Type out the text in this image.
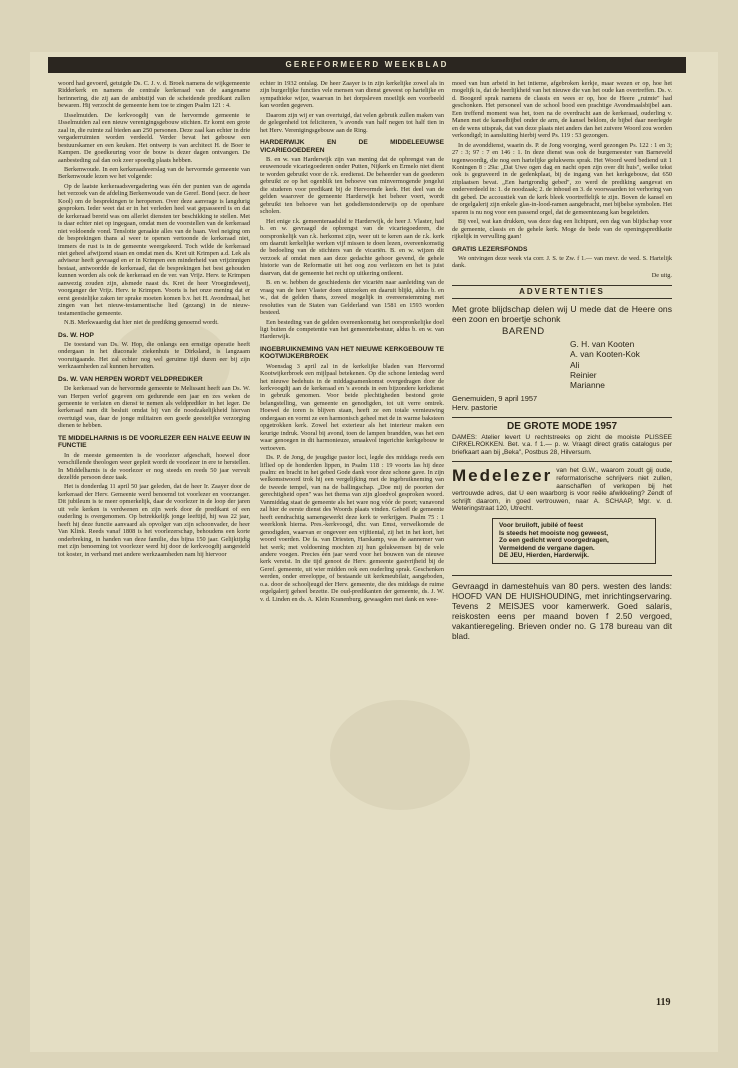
GEREFORMEERD WEEKBLAD

woord had gevoerd, getuigde Ds. C. J. v. d. Broek namens de wijkgemeente Ridderkerk en namens de centrale kerkeraad van de aangename herinnering, die zij aan de ambtstijd van de scheidende predikant zullen bewaren. Hij verzocht de gemeente hem toe te zingen Psalm 121 : 4.

IJsselmuiden. De kerkvoogdij van de hervormde gemeente te IJsselmuiden zal een nieuw verenigingsgebouw stichten. Er komt een grote zaal in, die ruimte zal bieden aan 250 personen. Deze zaal kan echter in drie vergaderruimten worden verdeeld. Verder bevat het gebouw een bestuurskamer en een keuken. Het ontwerp is van architect H. de Boer te Kampen. De goedkeuring voor de bouw is dezer dagen ontvangen. De aanbesteding zal dan ook zeer spoedig plaats hebben.

Berkenwoude. In een kerkeraadsverslag van de hervormde gemeente van Berkenwoude lezen we het volgende:

Op de laatste kerkeraadsvergadering was één der punten van de agenda het verzoek van de afdeling Berkenwoude van de Geref. Bond (secr. de heer Kool) om de besprekingen te heropenen. Over deze aanvrage is langdurig gesproken. Ieder weet dat er in het verleden heel wat gepasseerd is en dat de kerkeraad bereid was om allerlei diensten ter beschikking te stellen. Met is daar echter niet op ingegaan, omdat men de voorstellen van de kerkeraad niet voldoende vond. Tenslotte geraakte alles van de baan. Veel neiging om de besprekingen thans al weer te openen vertoonde de kerkeraad niet, immers de rust is in de gemeente weergekeerd. Toch wilde de kerkeraad niet geheel afwijzend staan en omdat men ds. Kret uit Krimpen a.d. Lek als adviseur heeft gevraagd en er in Krimpen een minderheid van vrijzinnigen bestaat, antwoordde de kerkeraad, dat de besprekingen het best gehouden kunnen worden als ook de kerkeraad en de ver. van Vrijz. Herv. te Krimpen aanwezig zouden zijn, alsmede naast ds. Kret de heer Vroegindeweij, voorganger der Vrijz. Herv. te Krimpen. Voorts is het onze mening dat er eerst geestelijke zaken ter sprake moeten komen b.v. het H. Avondmaal, het zingen van het nieuw-testamentische lied (gezang) in de nieuw-testamentische gemeente.

N.B. Merkwaardig dat hier niet de prediking genoemd wordt.

Ds. W. HOP

De toestand van Ds. W. Hop, die onlangs een ernstige operatie heeft ondergaan in het diaconale ziekenhuis te Dirksland, is langzaam vooruitgaande. Het zal echter nog wel geruime tijd duren eer bij zijn werkzaamheden zal kunnen hervatten.

Ds. W. VAN HERPEN WORDT VELDPREDIKER

De kerkeraad van de hervormde gemeente te Melissant heeft aan Ds. W. van Herpen verlof gegeven om gedurende een jaar en zes weken de gemeente te verlaten en dienst te nemen als veldprediker in het leger. De kerkeraad nam dit besluit omdat bij van de noodzakelijkheid hiervan overtuigd was, daar de jonge militairen een goede geestelijke verzorging dienen te hebben.

TE MIDDELHARNIS IS DE VOORLEZER EEN HALVE EEUW IN FUNCTIE

In de meeste gemeenten is de voorlezer afgeschaft, hoewel door verschillende theologen weer gepleit wordt de voorlezer in ere te herstellen. In Middelharnis is de voorlezer er nog steeds en reeds 50 jaar vervult dezelfde persoon deze taak.

Het is donderdag 11 april 50 jaar geleden, dat de heer Ir. Zaayer door de kerkeraad der Herv. Gemeente werd benoemd tot voorlezer en voorzanger. Dit jubileum is te meer opmerkelijk, daar de voorlezer in de loop der jaren uit vele kerken is verdwenen en zijn werk door de predikant of een ouderling is overgenomen. Op betrekkelijk jonge leeftijd, hij was 22 jaar, heeft hij deze functie aanvaard als opvolger van zijn schoonvader, de heer Van Klink. Reeds vanaf 1808 is het voorlezerschap, behoudens een korte onderbreking, in handen van deze familie, dus bijna 150 jaar. Gelijktijdig met zijn benoeming tot voorlezer werd hij door de kerkvoogdij aangesteld tot koster, in verband met andere werkzaamheden nam hij hiervoor

echter in 1932 ontslag. De heer Zaayer is in zijn kerkelijke zowel als in zijn burgerlijke functies vele mensen van dienst geweest op hartelijke en sympathieke wijze, waarvan in het dorpsleven moeilijk een voorbeeld kan worden gegeven.

Daarom zijn wij er van overtuigd, dat velen gebruik zullen maken van de gelegenheid tot feliciteren, 's avonds van half negen tot half tien in het Herv. Verenigingsgebouw aan de Ring.

HARDERWIJK EN DE MIDDELEEUWSE VICARIEGOEDEREN

B. en w. van Harderwijk zijn van mening dat de opbrengst van de eeuwenoude vicariegoederen onder Putten, Nijkerk en Ermelo niet dient te worden gebruikt voor de r.k. eredienst. De beheerder van de goederen gebruikt ze op het ogenblik ten behoeve van minvermogende jongelui die studeren voor predikant bij de Hervormde kerk. Het deel van de gelden waarover de gemeente Harderwijk het beheer voert, wordt gebruikt ten behoeve van het godsdienstonderwijs op de openbare scholen.

Het enige r.k. gemeenteraadslid te Harderwijk, de heer J. Vlaster, had b. en w. gevraagd de opbrengst van de vicariegoederen, die oorspronkelijk van r.k. herkomst zijn, weer uit te keren aan de r.k. kerk om daaruit kerkelijke werken vijf missen te doen lezen, overeenkomstig de bedoeling van de stichters van de vicariën. B. en w. wijzen dit verzoek af omdat men aan deze gedachte gehoor gevend, de gehele historie van de Reformatie uit het oog zou verliezen en het is juist daarvan, dat de gemeente het recht op uitkering ontleent.

B. en w. hebben de geschiedenis der vicariën naar aanleiding van de vraag van de heer Vlaster doen uitzoeken en daaruit blijkt, aldus b. en w., dat de gelden thans, zoveel mogelijk in overeenstemming met resoluties van de Staten van Gelderland van 1581 en 1593 worden besteed.

Een besteding van de gelden overeenkomstig het oorspronkelijke doel ligt buiten de competentie van het gemeentebestuur, aldus b. en w. van Harderwijk.

INGEBRUIKNEMING VAN HET NIEUWE KERKGEBOUW TE KOOTWIJKERBROEK

Woensdag 3 april zal in de kerkelijke bladen van Hervormd Kootwijkerbroek een mijlpaal betekenen. Op die schone lentedag werd het nieuwe bedehuis in de middagsamenkomst overgedragen door de kerkvoogdij aan de kerkeraad en 's avonds in een bijzondere kerkdienst in gebruik genomen. Voor beide plechtigheden bestond grote belangstelling, van gemeente en genodigden, tot uit verre omtrek. Hoewel de toren is blijven staan, heeft ze een totale vernieuwing ondergaan en vormt ze een harmonisch geheel met de in warme baksteen opgetrokken kerk. Zowel het exterieur als het interieur maken een keurige indruk. Vooral bij avond, toen de lampen brandden, was het een waar genoegen in dit harmonieuze, smaakvol ingerichte kerkgebouw te vertoeven.

Ds. P. de Jong, de jeugdige pastor loci, legde des middags reeds een liflied op de honderden lippen, in Psalm 118 : 19 voorts las hij deze psalm: en bracht in het gebed Gode dank voor deze schone gave. In zijn welkomstwoord trok hij een vergelijking met de ingebruikneming van de tweede tempel, van na de ballingschap. „Doe mij de poorten der gerechtigheid open" was het thema van zijn gloedvol gesproken woord. Vanmiddag staat de gemeente als het ware nog vóór de poort; vanavond zal hier de eerste dienst des Woords plaats vinden. Geheël de gemeente heeft eendrachtig samengewerkt deze kerk te verkrijgen. Psalm 75 : 1 weerklonk hierna. Pres.-kerkvoogd, dhr. van Emst, verwelkomde de genodigden, waarvan er ongeveer een vijftiental, zij het in het kort, het woord voerden. De fa. van Driesten, Harskamp, was de aannemer van het werk; met voldoening mochten zij hun gelukwensen bij de vele andere voegen. Precies één jaar werd voor het bouwen van de nieuwe kerk vereist. In die tijd genoot de Herv. gemeente gastvrijheid bij de Geref. gemeente, uit wier midden ook een ouderling sprak. Geschenken werden, onder enveloppe, of bestaande uit kerkmeubilair, aangeboden, o.a. door de schooljeugd der Herv. gemeente, die des middags de ruime orgelgalerij geheel bezette. De oud-predikanten der gemeente, ds. J. W. v. d. Linden en ds. A. Klein Kranenburg, gewaagden met dank en wee-

moed van hun arbeid in het intieme, afgebroken kerkje, maar wezen er op, hoe het mogelijk is, dat de heerlijkheid van het nieuwe die van het oude kan overtreffen. Ds. v. d. Boogerd sprak namens de classis en wees er op, hoe de Heere „ruimte" had geschonken. Het personeel van de school bood een prachtige Avondmaalsbijbel aan. Een treffend moment was het, toen na de overdracht aan de kerkeraad, ouderling v. Manen met de kanselbijbel onder de arm, de kansel beklom, de bijbel daar neerlegde en de wens uitsprak, dat van deze plaats niet anders dan het zuivere Woord zou worden verkondigd; in aansluiting hierbij werd Ps. 119 : 53 gezongen.

In de avonddienst, waarin ds. P. de Jong voorging, werd gezongen Ps. 122 : 1 en 3; 27 : 3; 97 : 7 en 146 : 1. In deze dienst was ook de burgemeester van Barneveld tegenwoordig, die nog een hartelijke gelukwens sprak. Het Woord werd bediend uit 1 Koningen 8 : 29a: „Dat Uwe ogen dag en nacht open zijn over dit huis", welke tekst ook is gegraveerd in de gedenkplaat, bij de ingang van het kerkgebouw, dat 650 zitplaatsen bevat. „Een hartgrondig gebed", zo werd de prediking aangevat en onderverdeeld in: 1. de noodzaak; 2. de inhoud en 3. de voorwaarden tot verhoring van dit gebed. De accoustiek van de kerk bleek voortreffelijk te zijn. Boven de kansel en de orgelgalerij zijn enkele glas-in-lood-ramen aangebracht, met bijbelse symbolen. Het sparen is nu nog voor een passend orgel, dat de gemeentezang kan begeleiden.

Bij veel, wat kan drukken, was deze dag een lichtpunt, een dag van blijdschap voor de gemeente, classis en de gehele kerk. Moge de bede van de openingspredikatie rijkelijk in vervulling gaan!

GRATIS LEZERSFONDS

We ontvingen deze week via corr. J. S. te Zw. f 1.— van mevr. de wed. S. Hartelijk dank.

De uitg.

ADVERTENTIES
Met grote blijdschap delen wij U mede dat de Heere ons een zoon en broertje schonk
BAREND
G. H. van Kooten
A. van Kooten-Kok
Ali
Reinier
Marianne
Genemuiden, 9 april 1957
Herv. pastorie
DE GROTE MODE 1957
DAMES: Atelier levert U rechtstreeks op zicht de mooiste PLISSEE CIRKELROKKEN. Bet. v.a. f 1.— p. w. Vraagt direct gratis catalogus per briefkaart aan bij „Beka", Postbus 28, Hilversum.
Medelezer van het G.W., waarom zoudt gij oude, reformatorische schrijvers niet zullen, aanschaffen of verkopen bij het vertrouwde adres, dat U een waarborg is voor reële afwikkeling? Zendt of schrijft daarom, in goed vertrouwen, naar A. SCHAAP, Mgr. v. d. Weteringstraat 120, Utrecht.
Voor bruiloft, jubilé of feest
Is steeds het mooiste nog geweest,
Zo een gedicht werd voorgedragen,
Vermeldend de vergane dagen.
DE JEU, Hierden, Harderwijk.
Gevraagd in damestehuis van 80 pers. westen des lands: HOOFD VAN DE HUISHOUDING, met inrichtingservaring. Tevens 2 MEISJES voor kamerwerk. Goed salaris, reiskosten eens per maand boven f 2.50 vergoed, vakantieregeling. Brieven onder no. G 178 bureau van dit blad.
119
